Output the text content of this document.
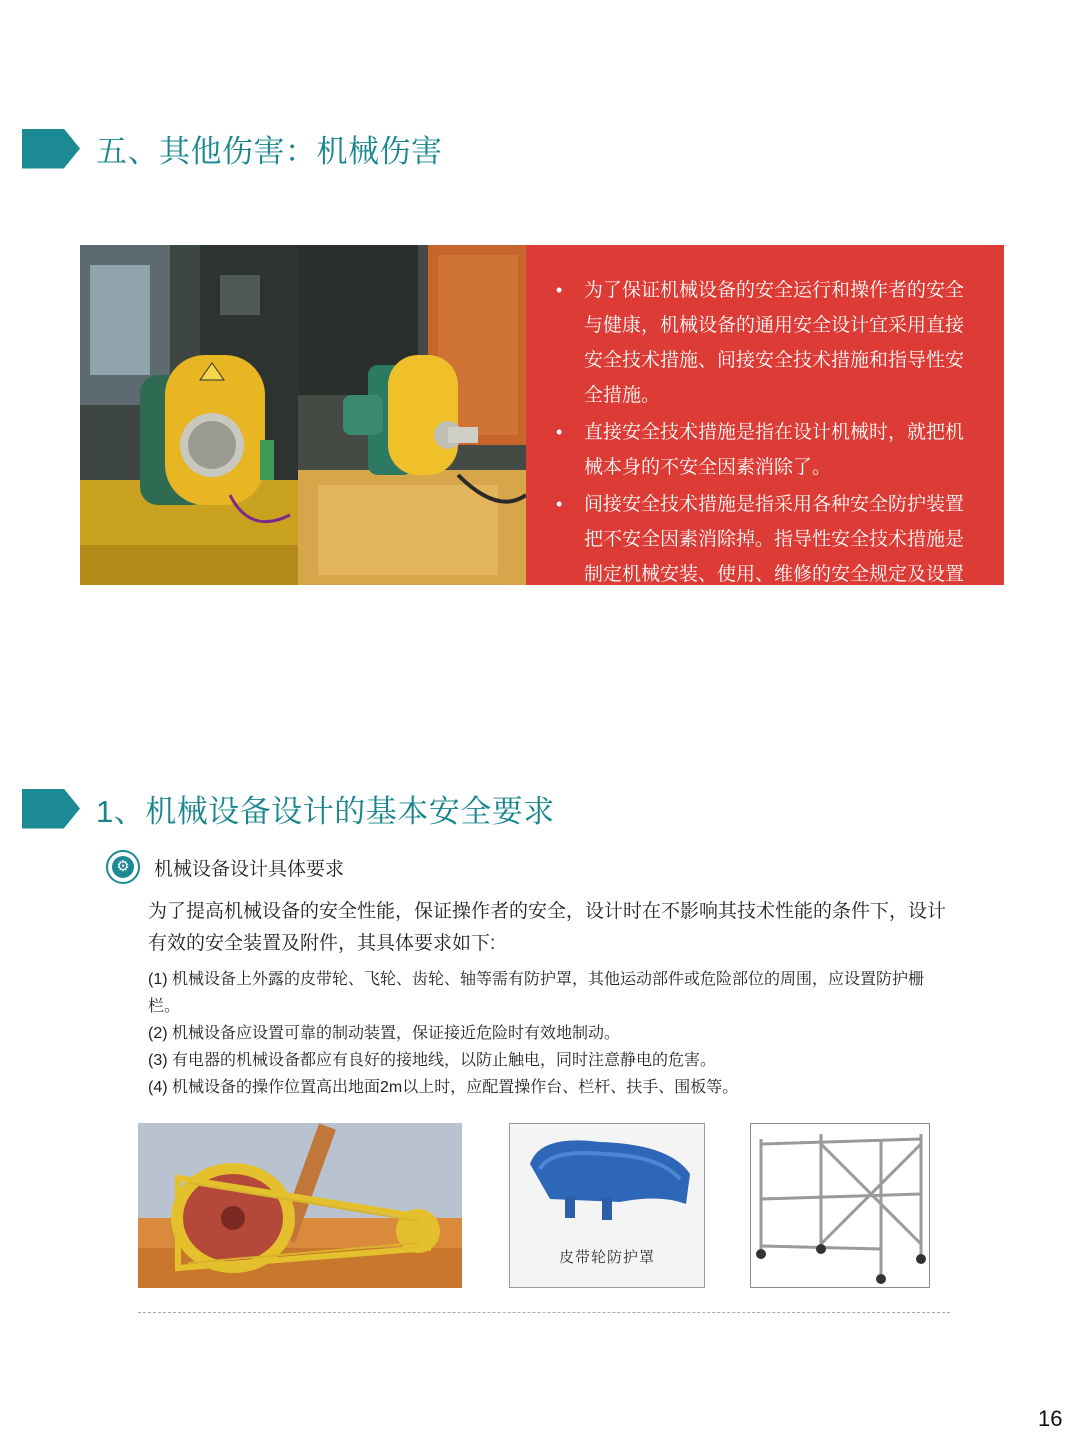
五、其他伤害：机械伤害
•	为了保证机械设备的安全运行和操作者的安全与健康，机械设备的通用安全设计宜采用直接安全技术措施、间接安全技术措施和指导性安全措施。
•	直接安全技术措施是指在设计机械时，就把机械本身的不安全因素消除了。
•	间接安全技术措施是指采用各种安全防护装置把不安全因素消除掉。指导性安全技术措施是制定机械安装、使用、维修的安全规定及设置标志。
1、机械设备设计的基本安全要求
⚙ 机械设备设计具体要求
为了提高机械设备的安全性能，保证操作者的安全，设计时在不影响其技术性能的条件下，设计有效的安全装置及附件，其具体要求如下:

(1) 机械设备上外露的皮带轮、飞轮、齿轮、轴等需有防护罩，其他运动部件或危险部位的周围，应设置防护栅栏。

(2) 机械设备应设置可靠的制动装置，保证接近危险时有效地制动。

(3) 有电器的机械设备都应有良好的接地线，以防止触电，同时注意静电的危害。

(4) 机械设备的操作位置高出地面2m以上时，应配置操作台、栏杆、扶手、围板等。

皮带轮防护罩
16
